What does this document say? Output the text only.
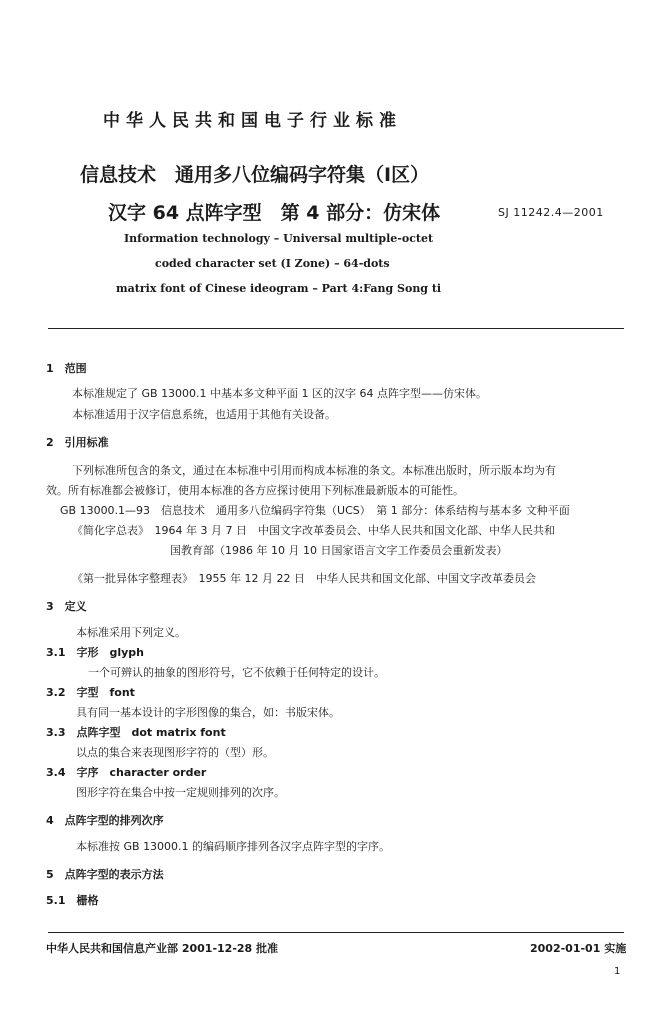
中华人民共和国电子行业标准
信息技术　通用多八位编码字符集（Ⅰ区）
汉字 64 点阵字型　第 4 部分：仿宋体	SJ 11242.4—2001
Information technology – Universal multiple-octet
coded character set (I Zone) – 64-dots
matrix font of Cinese ideogram – Part 4:Fang Song ti
1　范围
本标准规定了 GB 13000.1 中基本多文种平面 1 区的汉字 64 点阵字型——仿宋体。
本标准适用于汉字信息系统，也适用于其他有关设备。
2　引用标准
下列标准所包含的条文，通过在本标准中引用而构成本标准的条文。本标准出版时，所示版本均为有
效。所有标准都会被修订，使用本标准的各方应探讨使用下列标准最新版本的可能性。
GB 13000.1—93　信息技术　通用多八位编码字符集（UCS）　第 1 部分：体系结构与基本多 文种平面
《简化字总表》　1964 年 3 月 7 日　中国文字改革委员会、中华人民共和国文化部、中华人民共和
国教育部（1986 年 10 月 10 日国家语言文字工作委员会重新发表）
《第一批异体字整理表》　1955 年 12 月 22 日　中华人民共和国文化部、中国文字改革委员会
3　定义
本标准采用下列定义。
3.1　字形　glyph
一个可辨认的抽象的图形符号，它不依赖于任何特定的设计。
3.2　字型　font
具有同一基本设计的字形图像的集合，如：书版宋体。
3.3　点阵字型　dot matrix font
以点的集合来表现图形字符的（型）形。
3.4　字序　character order
图形字符在集合中按一定规则排列的次序。
4　点阵字型的排列次序
本标准按 GB 13000.1 的编码顺序排列各汉字点阵字型的字序。
5　点阵字型的表示方法
5.1　栅格
中华人民共和国信息产业部 2001-12-28 批准	2002-01-01 实施
1
